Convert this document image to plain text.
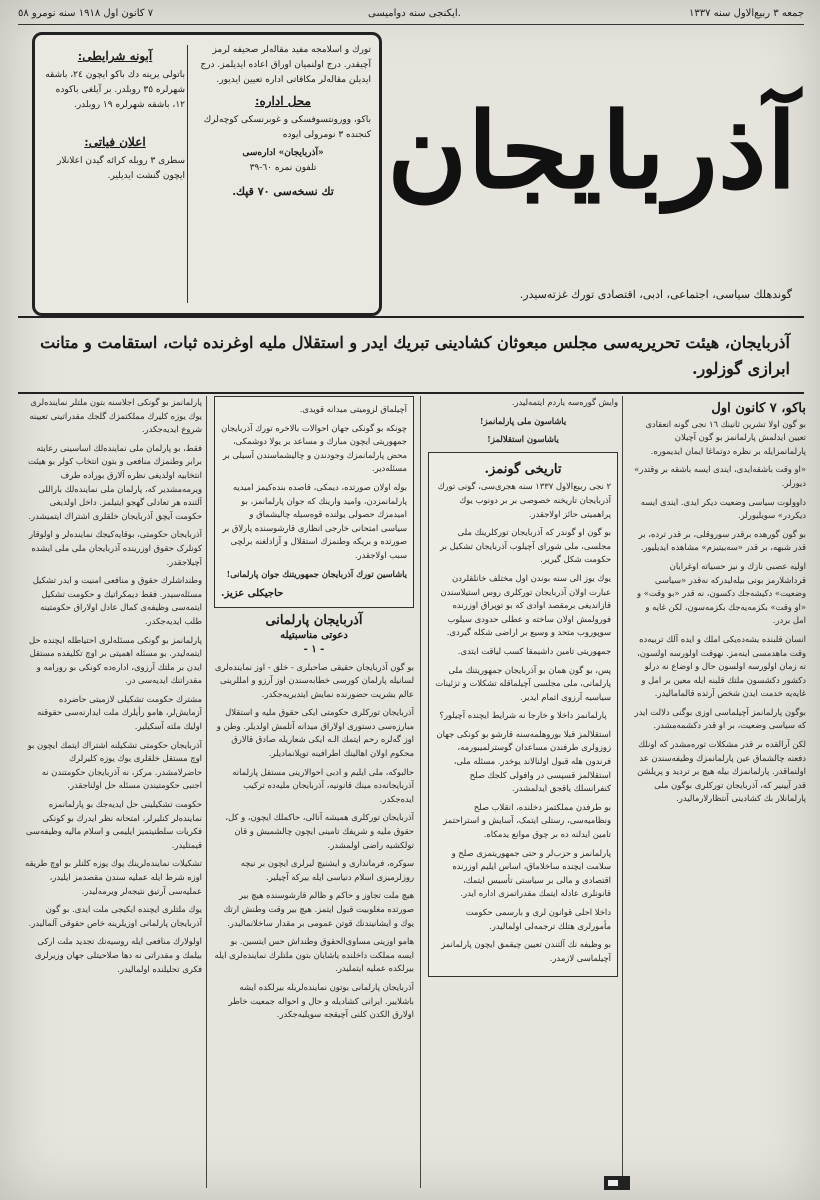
جمعه ٣ ربیع‌الاول سنه ١٣٣٧
ایکنجی سنه دوامیسی.
٧ کانون اول ١٩١٨ سنه نومرو ٥٨
تورك و اسلامجه مفید مقاله‌لر صحیفه لرمز آچیقدر. درج اولنمیان اوراق اعاده ایدیلمز. درج ایدیلن مقاله‌لر مکافاتی اداره تعیین ایدیور.
محل اداره:
باکو، وورونتسوفسکی و غوبرنسکی کوچه‌لرك کنجنده ٣ نومرولی ایوده
«آذربایجان» ادارەسی
تلفون نمره ٦٠-٣٩
تك نسخه‌سی ٧٠ قپك.
آبونه شرایطی:
باتولی یرینه دك باکو ایچون ٢٤، باشقه شهرلره ٣٥ روبلدر. بر آیلغی باکوده ١٢، باشقه شهرلره ١٩ روبلدر.
اعلان فیاتی:
سطری ٣ روبله کرائه گیدن اعلانلار ایچون گنشت ایدیلیر. آذربایجان
گوندهلك سیاسی، اجتماعی، ادبی، اقتصادی تورك غزته‌سیدر.
آذربایجان، هیئت تحریریه‌سی مجلس مبعوثان کشادینی تبریك ایدر و استقلال ملیه اوغرنده ثبات، استقامت و متانت ابرازی گوزلور.
باکو، ٧ کانون اول

بو گون اولا تشرین ثانینك ١٦ نجی گونه انعقادی تعیین ایدلمش پارلمانمز بو گون آچیلان پارلمانمزایله بر نظره دوتماغا ایمان ایدیموره.

«او وقت باشقه‌ایدی، ایندی ایسه باشقه بر وقتدر» دیورلر.

داوولوت سیاسی وضعیت دیکر ایدی. ایندی ایسه دیکردر» سویلیورلر.

بو گون گورهده برقدر سوروقلی، بر قدر ترده، بر قدر شبهه، بر قدر «سه‌بیتیزم» مشاهده ایدیلیور.

اولیه عصبی نازك و نیز حسیاته اوغرایان قرداشلارمز بونی بیله‌لیدرکه نه‌قدر «سیاسی وضعیت» دکیشه‌جك دکسون، نه قدر «بو وقت» و «او وقت» بکزمه‌یه‌جك بکزمه‌سون، لکن غایه و امل بردر.

انسان قلبنده یشه‌ده‌یکی املك و ایده آلك تربیه‌ده وقت ماهدمسی اینه‌مز. نهوقت اولورسه اولسون، نه زمان اولورسه اولسون حال و اوضاع نه درلو دکشور دکشسون ملتك قلبنه ایله معین بر امل و غایه‌یه خدمت ایدن شخص آرتده قالمامالیدر.

بوگون پارلمانمز آچیلماسی اوزی بوگنی دلالت ایدر که سیاسی وضعیت، بر او قدر دکشمه‌مشدر.

لکن آرالقده بر قدر مشکلات تورەمشدر که اونلك دفعنه چالشماق عین پارلمانمزك وظیفه‌سندن عد اولنماقدر. پارلمانمزك بیله هیچ بر تردید و پریلشن قدر آیینیر که، آذربایجان توركلری بوگون ملی پارلمانلار بك کشادینی آنتظارلارمالیدر.

وایش گوره‌سه یاردم ایتمه‌لیدر.

یاشاسون ملی پارلمانمز!

یاشاسون استقلالمز!

تاریخی گونمز.

٢ نجی ربیع‌الاول ١٣٣٧ سنه هجری‌سی، گونی تورك آذربایجان تاریخنه خصوصی بر بر دونوب یوك پراهمیتی حائز اولاجقدر.

بو گون او گوندر که آذربایجان توركلرینك ملی مجلسی، ملی شورای آچیلوب آذربایجان تشکیل بر حکومت شکل گیریر.

یوك یوز الی سنه بوندن اول مختلف خانلقلردن عبارت اولان آذربایجان توركلری روس استیلاسندن قازاندیغی برمقصد اوادی که بو توپراق اوزرنده فورولمش اولان ساخته و عطلی حدودی سیلوب سوپوروب متحد و وسیع بر اراضی شکله گیردی.

جمهوریتی تامین داشیمقا کسب لیاقت ایتدی.

پس، بو گون همان بو آذربایجان جمهوریتنك ملی پارلمانی، ملی مجلسی آچیلماقله تشکلات و تزئینات سیاسیه آرزوی اتمام ایدیر.

پارلمانمز داخلا و خارجا نه شرایط ایچنده آچیلور؟

استقلالمز قبلا بوروهلمه‌سنه قارشو بو کونکی جهان زوزولری طرفندن مساعدان گوسترلمیبورمه، فرندون هله قبول اولنالاند یوخدر. مسئله ملی، استقلالمز قسپسی در وافولی کلجك صلح کنفرانسلك یاقجق ایدلمشدر.

بو طرفدن مملکتمز دخلنده، انقلاب صلح ونظامیه‌سی، رستلی ایتمک، آسایش و استراحتمز تامین ایدلنه ده بر چوق موانع یدمکاه.

پارلمانمز و حزب‌لر و حتی جمهوریتمزی صلح و سلامت ایچنده ساخلاماق، اساس ایلیم اوزرنده اقتصادی و مالی بر سیاستی تأسیس ایتمك، قانونلری عادله ایتمك مقدراتمزی اداره ایدر.

داخلا احلی قوانون لری و بارسمی حکومت مأمورلری هتلك ترجمه‌لی اولمالیدر.

بو وظیفه نك آلتندن تعیین چیقمق ایچون پارلمانمز آچیلماسی لازمدر.

آچیلماق لزومیتی میدانه قویدی.

چونکه بو گونکی جهان احوالات بالاخره تورك آذربایجان جمهوریتی ایچون مبارك و مساعد بر یولا دوشمکی، محض پارلمانمزك وجودندن و چالیشماسندن آسیلی بر مسئله‌دیر.

بوله اولان صورتده، دیمکی، قاصدە بنده‌کیمز امیدیه پارلمانمزدن، وامید وارینك که جوان پارلمانمز، بو امیدمزك حصولی یولنده قوه‌سیله چالیشماق و سیاسی امتحانی خارجی انظاری قارشوسنده پارلاق بر صورتده و بریکه وطنمزك استقلال و آزادلغنه برلچی سبب اولاجقدر.

یاشاسین تورك آذربایجان جمهوریتنك جوان پارلمانی!

حاجیکلی عزیز.
آذربایجان پارلمانی
دعوتی مناسبتیله
- ١ -

بو گون آذربایجان حقیقی صاحبلری - خلق - اوز نمایندەلری لسانیله پارلمان کورسی خطابەسندن اوز آرزو و امللرینی عالم بشریت حضورنده نمایش ایتدیریەجکدر.

آذربایجان توركلری حکومتی ایکی حقوق ملیه و استقلال مبارزه‌سی دستوری اولاراق میدانه آتلمش اولدیلر. وطن و اوز گەلره رحم ایتمك الـه ایکی شعاریله صادق قالارق محکوم اولان اهالینك اطرافینه توپلانمادیلر.

حالبوکه، ملی ایلیم و ادبی احوالارینی مستقل پارلمانه آذربایجانه‌ده مینك قانونیه، آذربایجان ملیه‌ده ترکیب ایده‌جكدر.

آذربایجان توركلری همیشه آنالی، حاکملك ایچون، و کل، حقوق ملیه و شریفك تامینی ایچون چالشمیش و قان تولکشیه راضی اولمشدر.

سوكره، فرمانداری و ایشنیچ لیرلری ایچون بر نیچه روزلرمیزی اسلام دنیاسی ایله بیرکه آچیلیر.

هیچ ملت تجاوز و حاکم و ظالم قارشوسنده هیچ بیر صورتده مغلوبیت قبول ایتمز. هیچ بیر وقت وطنش ارتك یوك و ایشانیندنك قوتن عمومی بر مقدار ساخلانمالیدر.

هامو اوزینی مساوی‌الحقوق وطنداش حس ایتسین. بو ایسه مملکت داخلنده یاشایان بتون ملتلرك نماینده‌لری ایله بیرلکده عملیه ایتملیدر.

آذربایجان پارلمانی بوتون نماینده‌لریله بیرلکده ایشه باشلاییر. ایرانی کشادیله و حال و احواله جمعیت خاطر اولارق الکدن کلنی آچیقجه سویلیه‌جکدر.

پارلمانمز بو گونکی اجلاسنه بتون ملتلر نماینده‌لری یوك یوزه کلیرك مملکتمزك گلجك مقدراتینی تعیینه شروع ایدیه‌جکدر.

فقط، بو پارلمان ملی نماینده‌لك اساسینی رعایته برابر وطنمزك منافعی و بتون انتخاب کولر بو هیئت انتخابیه اولدیغی نظره آلارق بوراده طرف ویرمه‌مشدیر که، پارلمان ملی نماینده‌لك باراللی آلتنده هر تعادلی گهجو ایتیلمز. داخل اولدیغی حکومت آیچق آذربایجان خلقلری اشتراك ایتمیشدر.

آذربایجان حکومتی، بوقایه‌کیجك نماینده‌لر و اولوقار کونلرک حقوق اوزرینده آذربایجان ملی ملی ایشده آچیلاجقدر.

وطنداشلرك حقوق و منافعی امنیت و ایدر تشکیل مسئله‌سیدر. فقط دیمکراتیك و حکومت تشکیل ایتمه‌سی وظیفه‌ی کمال عادل اولاراق حکومتینه طلب ایدیه‌جكدر.

پارلمانمز بو گونکی مسئله‌لری احتیاطله ایچنده حل ایتمه‌لیدر. بو مسئله اهمیتی بر اوچ تکلیفده مستقل ایدن بر ملتك آرزوی، اداره‌ده کونکی بو رورامه و مقدراتنك ایدیه‌سی در.

مشترك حکومت تشکیلی لازمیتی حاضرده آزمایش‌لر، هامو رأیلرك ملت ایدارنه‌سی حقوقنه اولیك ملته آسکیلیر.

آذربایجان حکومتی تشکیلنه اشتراك ایتمك ایچون بو اوچ مستقل خلقلری یوك یوزه کلیرلرك حاضرلامشدر. مرکز، نه آذربایجان حکومتندن نه اجنبی حکومتیندن مسئله حل اولناجقدر.

حکومت تشکیلینی حل ایدیه‌جك بو پارلمانمزه نماینده‌لر کنلیرلر، امتحانه نظر ایدرك بو کونکی فکریات سلطنیتمیز ایلیمی و اسلام مالیه وظیفه‌سی قیمتلیدر.

تشکیلات نماینده‌لرینك یوك یوزه کلنلر بو اوچ طریقه اوزه شرط ایله عملیه سندن مقصدمز ایلیدر، عملیه‌سی آرتیق نتیجه‌لر ویرمه‌لیدر.

یوك ملتلری ایچنده ایکیجی ملت ایدی. بو گون آذربایجان پارلمانی اوزیلرینه خاص حقوقی آلمالیدر.

اولولارك منافعی ایله روسیه‌نك تجدید ملت ارکی بیلمك و مقدراتی نه دها صلاحیتلی جهان وزیرلری فکری تحلیلنده اولمالیدر.
